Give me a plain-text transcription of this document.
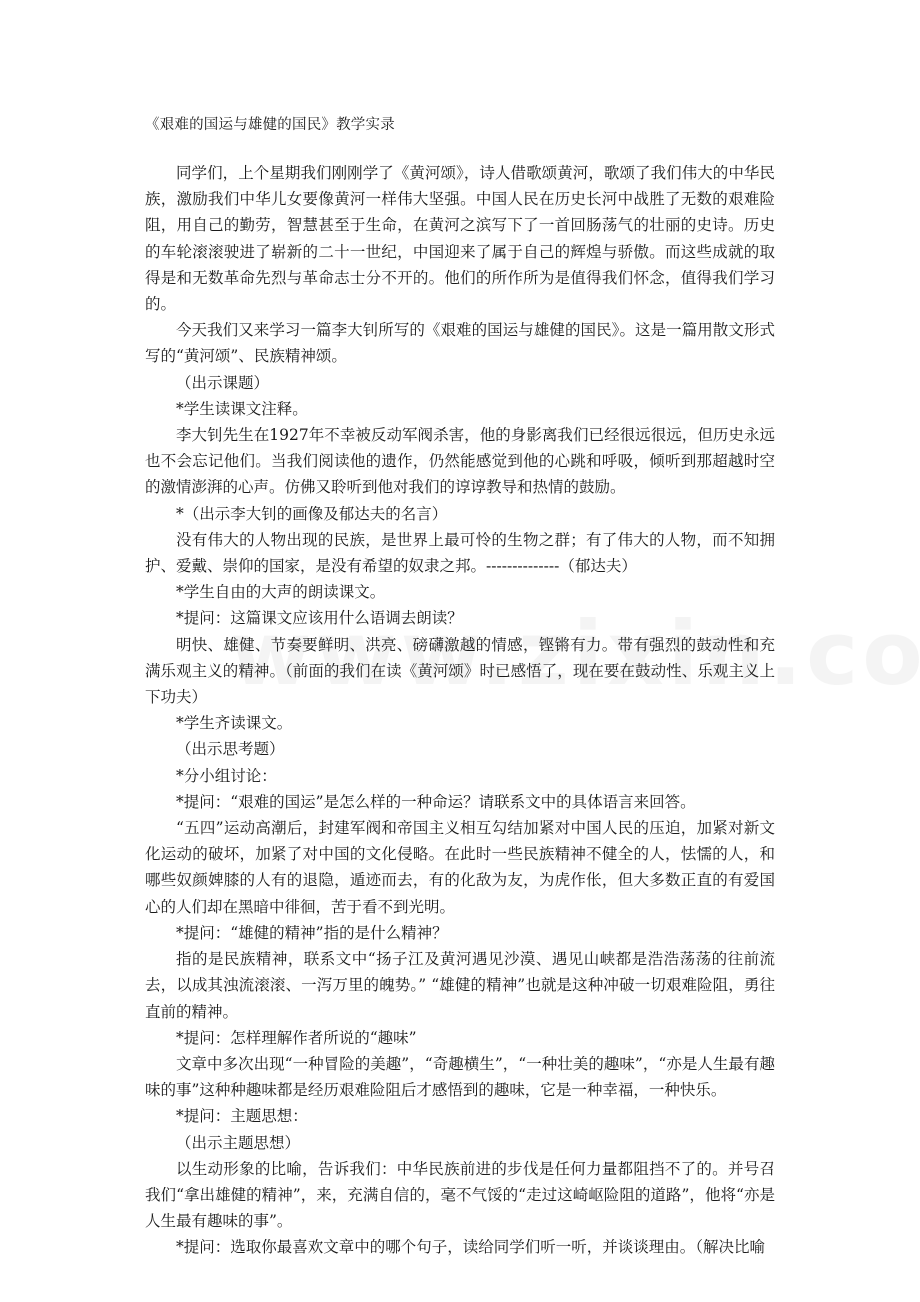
《艰难的国运与雄健的国民》教学实录

同学们，上个星期我们刚刚学了《黄河颂》，诗人借歌颂黄河，歌颂了我们伟大的中华民族，激励我们中华儿女要像黄河一样伟大坚强。中国人民在历史长河中战胜了无数的艰难险阻，用自己的勤劳，智慧甚至于生命，在黄河之滨写下了一首回肠荡气的壮丽的史诗。历史的车轮滚滚驶进了崭新的二十一世纪，中国迎来了属于自己的辉煌与骄傲。而这些成就的取得是和无数革命先烈与革命志士分不开的。他们的所作所为是值得我们怀念，值得我们学习的。

今天我们又来学习一篇李大钊所写的《艰难的国运与雄健的国民》。这是一篇用散文形式写的“黄河颂”、民族精神颂。

（出示课题）

*学生读课文注释。

李大钊先生在1927年不幸被反动军阀杀害，他的身影离我们已经很远很远，但历史永远也不会忘记他们。当我们阅读他的遗作，仍然能感觉到他的心跳和呼吸，倾听到那超越时空的激情澎湃的心声。仿佛又聆听到他对我们的谆谆教导和热情的鼓励。

*（出示李大钊的画像及郁达夫的名言）

没有伟大的人物出现的民族，是世界上最可怜的生物之群；有了伟大的人物，而不知拥护、爱戴、崇仰的国家，是没有希望的奴隶之邦。--------------（郁达夫）

*学生自由的大声的朗读课文。

*提问：这篇课文应该用什么语调去朗读？

明快、雄健、节奏要鲜明、洪亮、磅礴激越的情感，铿锵有力。带有强烈的鼓动性和充满乐观主义的精神。（前面的我们在读《黄河颂》时已感悟了，现在要在鼓动性、乐观主义上下功夫）

*学生齐读课文。

（出示思考题）

*分小组讨论：

*提问：“艰难的国运”是怎么样的一种命运？请联系文中的具体语言来回答。

“五四”运动高潮后，封建军阀和帝国主义相互勾结加紧对中国人民的压迫，加紧对新文化运动的破坏，加紧了对中国的文化侵略。在此时一些民族精神不健全的人，怯懦的人，和哪些奴颜婢膝的人有的退隐，遁迹而去，有的化敌为友，为虎作伥，但大多数正直的有爱国心的人们却在黑暗中徘徊，苦于看不到光明。

*提问：“雄健的精神”指的是什么精神？

指的是民族精神，联系文中“扬子江及黄河遇见沙漠、遇见山峡都是浩浩荡荡的往前流去，以成其浊流滚滚、一泻万里的魄势。” “雄健的精神”也就是这种冲破一切艰难险阻，勇往直前的精神。

*提问：怎样理解作者所说的“趣味”

文章中多次出现“一种冒险的美趣”，“奇趣横生”，“一种壮美的趣味”，“亦是人生最有趣味的事”这种种趣味都是经历艰难险阻后才感悟到的趣味，它是一种幸福，一种快乐。

*提问：主题思想：

（出示主题思想）

以生动形象的比喻，告诉我们：中华民族前进的步伐是任何力量都阻挡不了的。并号召我们“拿出雄健的精神”，来，充满自信的，毫不气馁的“走过这崎岖险阻的道路”，他将“亦是人生最有趣味的事”。

*提问：选取你最喜欢文章中的哪个句子，读给同学们听一听，并谈谈理由。（解决比喻
